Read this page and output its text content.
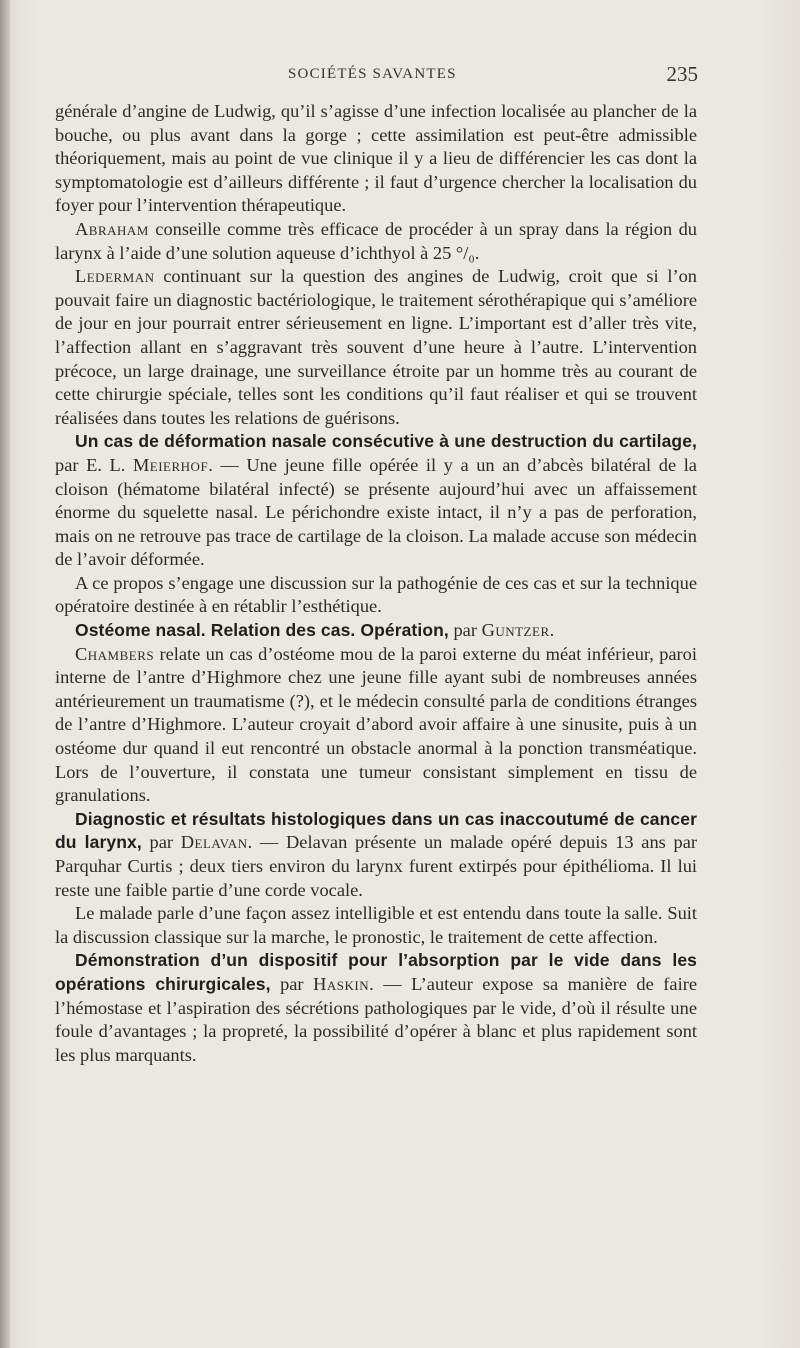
SOCIÉTÉS SAVANTES	235

générale d’angine de Ludwig, qu’il s’agisse d’une infection localisée au plancher de la bouche, ou plus avant dans la gorge ; cette assimilation est peut-être admissible théoriquement, mais au point de vue clinique il y a lieu de différencier les cas dont la symptomatologie est d’ailleurs différente ; il faut d’urgence chercher la localisation du foyer pour l’intervention thérapeutique.

Abraham conseille comme très efficace de procéder à un spray dans la région du larynx à l’aide d’une solution aqueuse d’ichthyol à 25 °/₀.

Lederman continuant sur la question des angines de Ludwig, croit que si l’on pouvait faire un diagnostic bactériologique, le traitement sérothérapique qui s’améliore de jour en jour pourrait entrer sérieusement en ligne. L’important est d’aller très vite, l’affection allant en s’aggravant très souvent d’une heure à l’autre. L’intervention précoce, un large drainage, une surveillance étroite par un homme très au courant de cette chirurgie spéciale, telles sont les conditions qu’il faut réaliser et qui se trouvent réalisées dans toutes les relations de guérisons.

Un cas de déformation nasale consécutive à une destruction du cartilage, par E. L. Meierhof. — Une jeune fille opérée il y a un an d’abcès bilatéral de la cloison (hématome bilatéral infecté) se présente aujourd’hui avec un affaissement énorme du squelette nasal. Le périchondre existe intact, il n’y a pas de perforation, mais on ne retrouve pas trace de cartilage de la cloison. La malade accuse son médecin de l’avoir déformée.

A ce propos s’engage une discussion sur la pathogénie de ces cas et sur la technique opératoire destinée à en rétablir l’esthétique.

Ostéome nasal. Relation des cas. Opération, par Guntzer.

Chambers relate un cas d’ostéome mou de la paroi externe du méat inférieur, paroi interne de l’antre d’Highmore chez une jeune fille ayant subi de nombreuses années antérieurement un traumatisme (?), et le médecin consulté parla de conditions étranges de l’antre d’Highmore. L’auteur croyait d’abord avoir affaire à une sinusite, puis à un ostéome dur quand il eut rencontré un obstacle anormal à la ponction transméatique. Lors de l’ouverture, il constata une tumeur consistant simplement en tissu de granulations.

Diagnostic et résultats histologiques dans un cas inaccoutumé de cancer du larynx, par Delavan. — Delavan présente un malade opéré depuis 13 ans par Parquhar Curtis ; deux tiers environ du larynx furent extirpés pour épithélioma. Il lui reste une faible partie d’une corde vocale.

Le malade parle d’une façon assez intelligible et est entendu dans toute la salle. Suit la discussion classique sur la marche, le pronostic, le traitement de cette affection.

Démonstration d’un dispositif pour l’absorption par le vide dans les opérations chirurgicales, par Haskin. — L’auteur expose sa manière de faire l’hémostase et l’aspiration des sécrétions pathologiques par le vide, d’où il résulte une foule d’avantages ; la propreté, la possibilité d’opérer à blanc et plus rapidement sont les plus marquants.
